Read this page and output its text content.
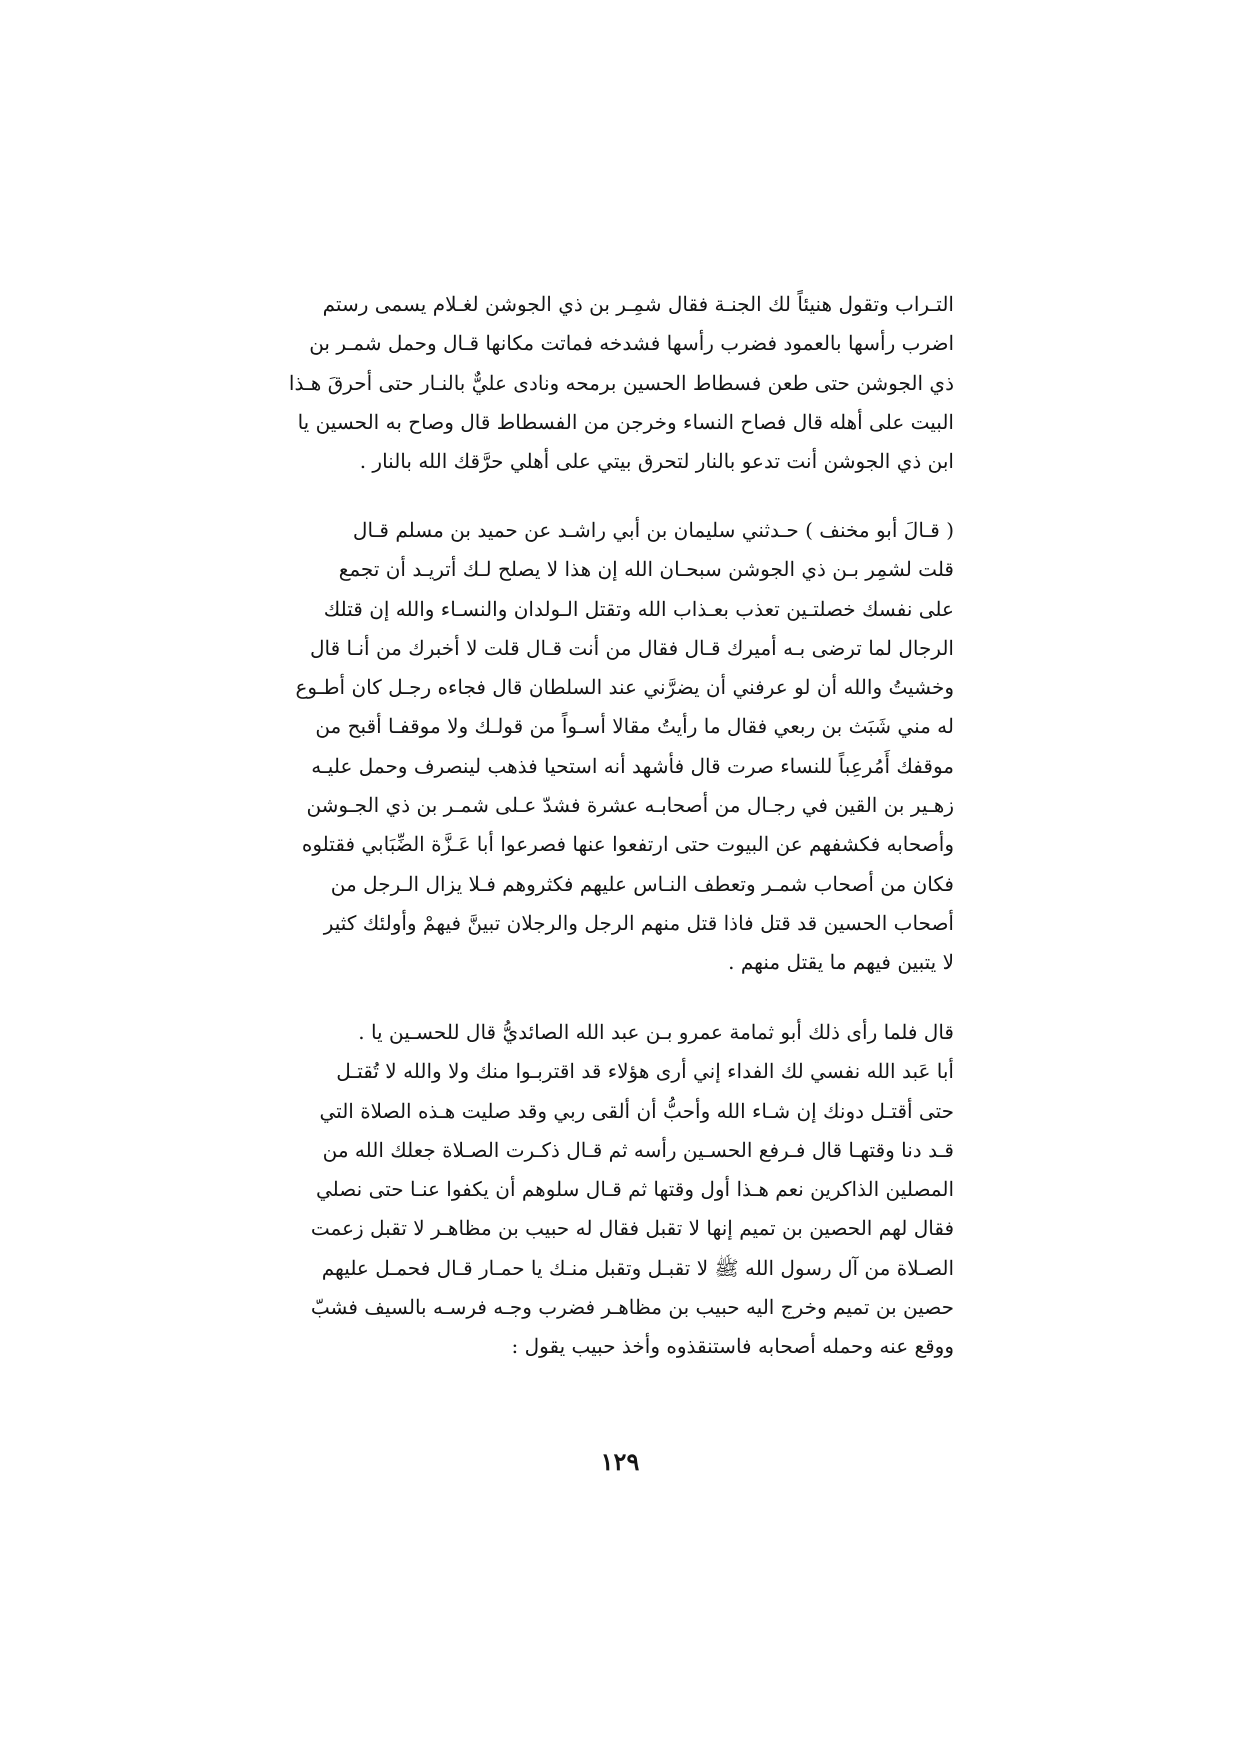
التـراب وتقول هنيئاً لك الجنـة فقال شمِـر بن ذي الجوشن لغـلام يسمى رستم
اضرب رأسها بالعمود فضرب رأسها فشدخه فماتت مكانها قـال وحمل شمـر بن
ذي الجوشن حتى طعن فسطاط الحسين برمحه ونادى عليٌّ بالنـار حتى أحرقَ هـذا
البيت على أهله قال فصاح النساء وخرجن من الفسطاط قال وصاح به الحسين يا
ابن ذي الجوشن أنت تدعو بالنار لتحرق بيتي على أهلي حرَّقك الله بالنار .
( قـالَ أبو مخنف ) حـدثني سليمان بن أبي راشـد عن حميد بن مسلم قـال
قلت لشمِر بـن ذي الجوشن سبحـان الله إن هذا لا يصلح لـك أتريـد أن تجمع
على نفسك خصلتـين تعذب بعـذاب الله وتقتل الـولدان والنسـاء والله إن قتلك
الرجال لما ترضى بـه أميرك قـال فقال من أنت قـال قلت لا أخبرك من أنـا قال
وخشيتُ والله أن لو عرفني أن يضرَّني عند السلطان قال فجاءه رجـل كان أطـوع
له مني شَبَث بن ربعي فقال ما رأيتُ مقالا أسـواً من قولـك ولا موقفـا أقبح من
موقفك أَمُرعِباً للنساء صرت قال فأشهد أنه استحيا فذهب لينصرف وحمل عليـه
زهـير بن القين في رجـال من أصحابـه عشرة فشدّ عـلى شمـر بن ذي الجـوشن
وأصحابه فكشفهم عن البيوت حتى ارتفعوا عنها فصرعوا أبا عَـزَّة الضِّبَابي فقتلوه
فكان من أصحاب شمـر وتعطف النـاس عليهم فكثروهم فـلا يزال الـرجل من
أصحاب الحسين قد قتل فاذا قتل منهم الرجل والرجلان تبينَّ فيهمْ وأولئك كثير
لا يتبين فيهم ما يقتل منهم .
قال فلما رأى ذلك أبو ثمامة عمرو بـن عبد الله الصائديُّ قال للحسـين يا .
أبا عَبد الله نفسي لك الفداء إني أرى هؤلاء قد اقتربـوا منك ولا والله لا تُقتـل
حتى أقتـل دونك إن شـاء الله وأحبُّ أن ألقى ربي وقد صليت هـذه الصلاة التي
قـد دنا وقتهـا قال فـرفع الحسـين رأسه ثم قـال ذكـرت الصـلاة جعلك الله من
المصلين الذاكرين نعم هـذا أول وقتها ثم قـال سلوهم أن يكفوا عنـا حتى نصلي
فقال لهم الحصين بن تميم إنها لا تقبل فقال له حبيب بن مظاهـر لا تقبل زعمت
الصـلاة من آل رسول الله ﷺ لا تقبـل وتقبل منـك يا حمـار قـال فحمـل عليهم
حصين بن تميم وخرج اليه حبيب بن مظاهـر فضرب وجـه فرسـه بالسيف فشبّ
ووقع عنه وحمله أصحابه فاستنقذوه وأخذ حبيب يقول :
١٢٩
